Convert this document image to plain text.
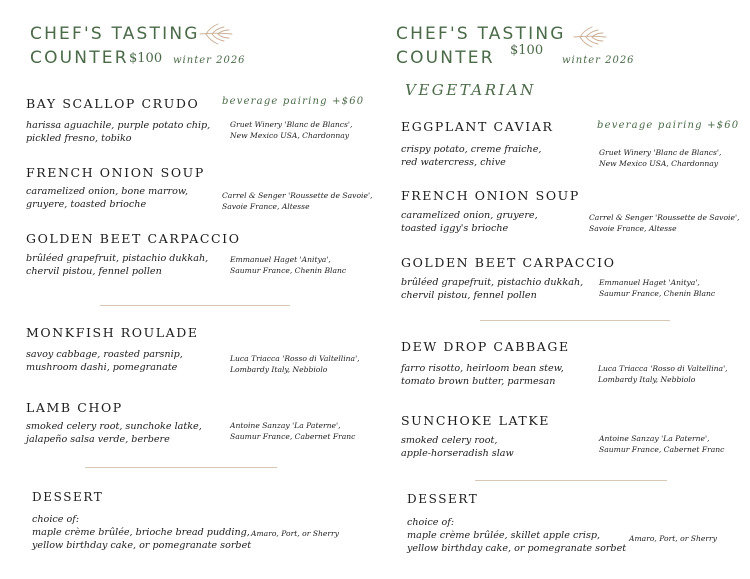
CHEF'S TASTING
COUNTER $100 winter 2026
beverage pairing +$60
BAY SCALLOP CRUDO
harissa aguachile, purple potato chip,
pickled fresno, tobiko
Gruet Winery 'Blanc de Blancs',
New Mexico USA, Chardonnay
FRENCH ONION SOUP
caramelized onion, bone marrow,
gruyere, toasted brioche
Carrel & Senger 'Roussette de Savoie',
Savoie France, Altesse
GOLDEN BEET CARPACCIO
brûléed grapefruit, pistachio dukkah,
chervil pistou, fennel pollen
Emmanuel Haget 'Anitya',
Saumur France, Chenin Blanc
MONKFISH ROULADE
savoy cabbage, roasted parsnip,
mushroom dashi, pomegranate
Luca Triacca 'Rosso di Valtellina',
Lombardy Italy, Nebbiolo
LAMB CHOP
smoked celery root, sunchoke latke,
jalapeño salsa verde, berbere
Antoine Sanzay 'La Paterne',
Saumur France, Cabernet Franc
DESSERT
choice of:
maple crème brûlée, brioche bread pudding,
yellow birthday cake, or pomegranate sorbet
Amaro, Port, or Sherry
CHEF'S TASTING
COUNTER $100
winter 2026
VEGETARIAN
beverage pairing +$60
EGGPLANT CAVIAR
crispy potato, creme fraiche,
red watercress, chive
Gruet Winery 'Blanc de Blancs',
New Mexico USA, Chardonnay
FRENCH ONION SOUP
caramelized onion, gruyere,
toasted iggy's brioche
Carrel & Senger 'Roussette de Savoie',
Savoie France, Altesse
GOLDEN BEET CARPACCIO
brûléed grapefruit, pistachio dukkah,
chervil pistou, fennel pollen
Emmanuel Haget 'Anitya',
Saumur France, Chenin Blanc
DEW DROP CABBAGE
farro risotto, heirloom bean stew,
tomato brown butter, parmesan
Luca Triacca 'Rosso di Valtellina',
Lombardy Italy, Nebbiolo
SUNCHOKE LATKE
smoked celery root,
apple-horseradish slaw
Antoine Sanzay 'La Paterne',
Saumur France, Cabernet Franc
DESSERT
choice of:
maple crème brûlée, skillet apple crisp,
yellow birthday cake, or pomegranate sorbet
Amaro, Port, or Sherry
